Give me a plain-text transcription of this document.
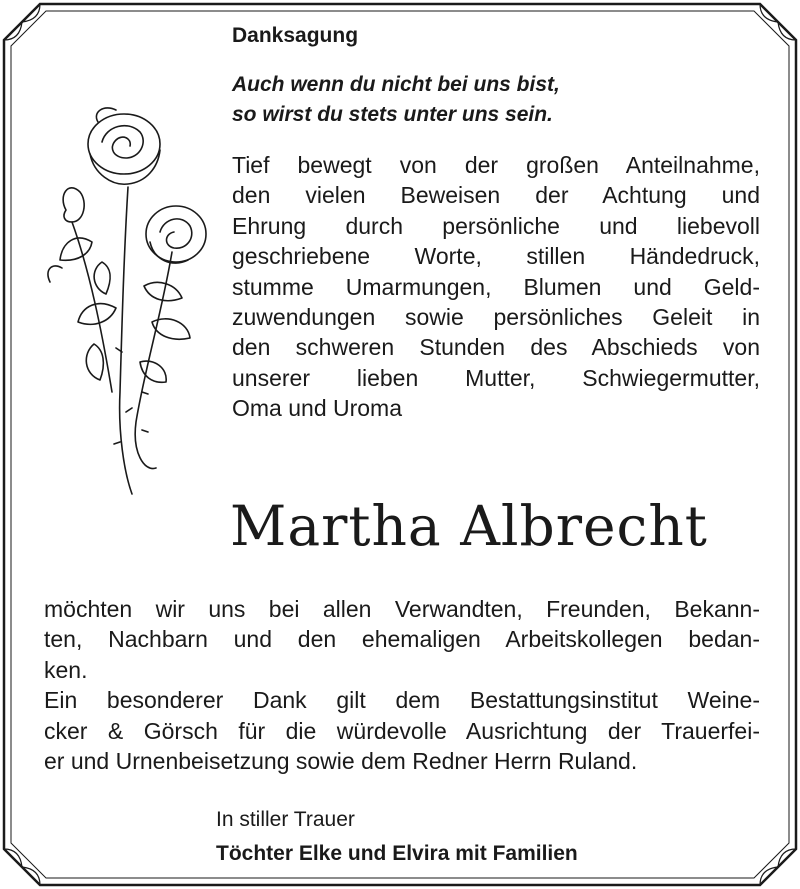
Danksagung

Auch wenn du nicht bei uns bist,
so wirst du stets unter uns sein.
Tief bewegt von der großen Anteilnahme,
den vielen Beweisen der Achtung und
Ehrung durch persönliche und liebevoll
geschriebene Worte, stillen Händedruck,
stumme Umarmungen, Blumen und Geld-
zuwendungen sowie persönliches Geleit in
den schweren Stunden des Abschieds von
unserer lieben Mutter, Schwiegermutter,
Oma und Uroma

Martha Albrecht

möchten wir uns bei allen Verwandten, Freunden, Bekann-
ten, Nachbarn und den ehemaligen Arbeitskollegen bedan-
ken.
Ein besonderer Dank gilt dem Bestattungsinstitut Weine-
cker & Görsch für die würdevolle Ausrichtung der Trauerfei-
er und Urnenbeisetzung sowie dem Redner Herrn Ruland.

In stiller Trauer

Töchter Elke und Elvira mit Familien
